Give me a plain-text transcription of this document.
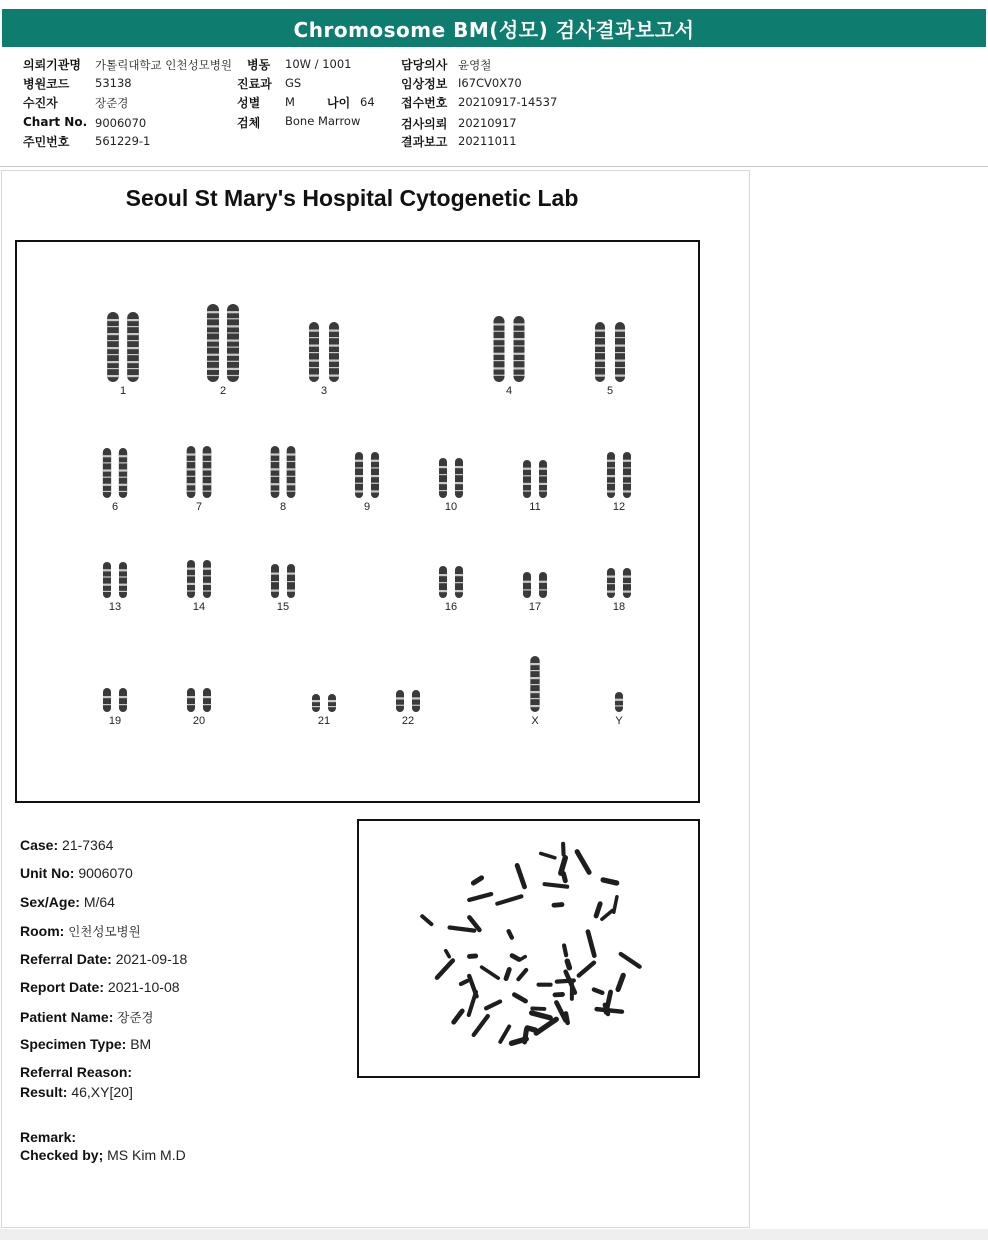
Chromosome BM(성모) 검사결과보고서
의뢰기관명 가톨릭대학교 인천성모병원 병동 10W / 1001	담당의사 윤영철
병원코드 53138	진료과 GS	임상정보 I67CV0X70
수진자	장준경	성별 M	나이 64 접수번호 20210917-14537
Chart No. 9006070	검체 Bone Marrow	검사의뢰 20210917
주민번호 561229-1	결과보고 20211011
Seoul St Mary's Hospital Cytogenetic Lab
1	2	3	4	5
6	7	8	9	10	11	12
13	14	15	16	17	18
19	20	21	22	X	Y
Case: 21-7364
Unit No: 9006070
Sex/Age: M/64
Room: 인천성모병원
Referral Date: 2021-09-18
Report Date: 2021-10-08
Patient Name: 장준경
Specimen Type: BM
Referral Reason:
Result: 46,XY[20]
Remark:
Checked by; MS Kim M.D
